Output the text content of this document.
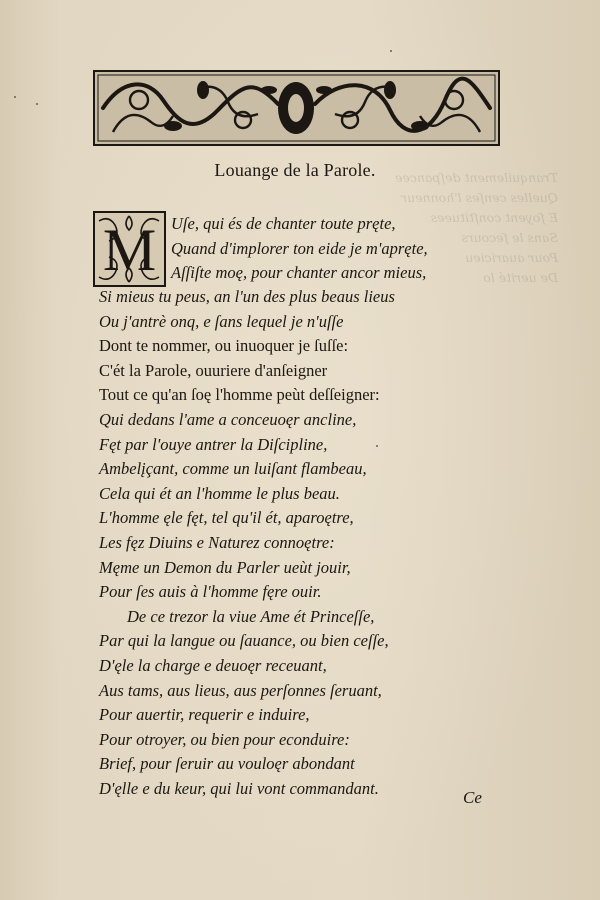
Tranquilement deſpancee
Quelles cenſes l'honneur
E ſoyent conſtituees
Sans le ſecours
Pour auaricieu
De uerité lo
Louange de la Parole.
M Uſe, qui és de chanter toute pręte,
Quand d'implorer ton eide je m'apręte,
Aſſiſte moę, pour chanter ancor mieus,
Si mieus tu peus, an l'un des plus beaus lieus
Ou j'antrè onq, e ſans lequel je n'uſſe
Dont te nommer, ou inuoquer je ſuſſe:
C'ét la Parole, ouuriere d'anſeigner
Tout ce qu'an ſoę l'homme peùt deſſeigner:
Qui dedans l'ame a conceuoęr ancline,
Fęt par l'ouye antrer la Diſcipline,
Ambelįçant, comme un luiſant flambeau,
Cela qui ét an l'homme le plus beau.
L'homme ęle fęt, tel qu'il ét, aparoętre,
Les fęz Diuins e Naturez connoętre:
Męme un Demon du Parler ueùt jouir,
Pour ſes auis à l'homme fęre ouir.
De ce trezor la viue Ame ét Princeſſe,
Par qui la langue ou ſauance, ou bien ceſſe,
D'ęle la charge e deuoęr receuant,
Aus tams, aus lieus, aus perſonnes ſeruant,
Pour auertir, requerir e induire,
Pour otroyer, ou bien pour econduire:
Brief, pour ſeruir au vouloęr abondant
D'ęlle e du keur, qui lui vont commandant.	Ce
